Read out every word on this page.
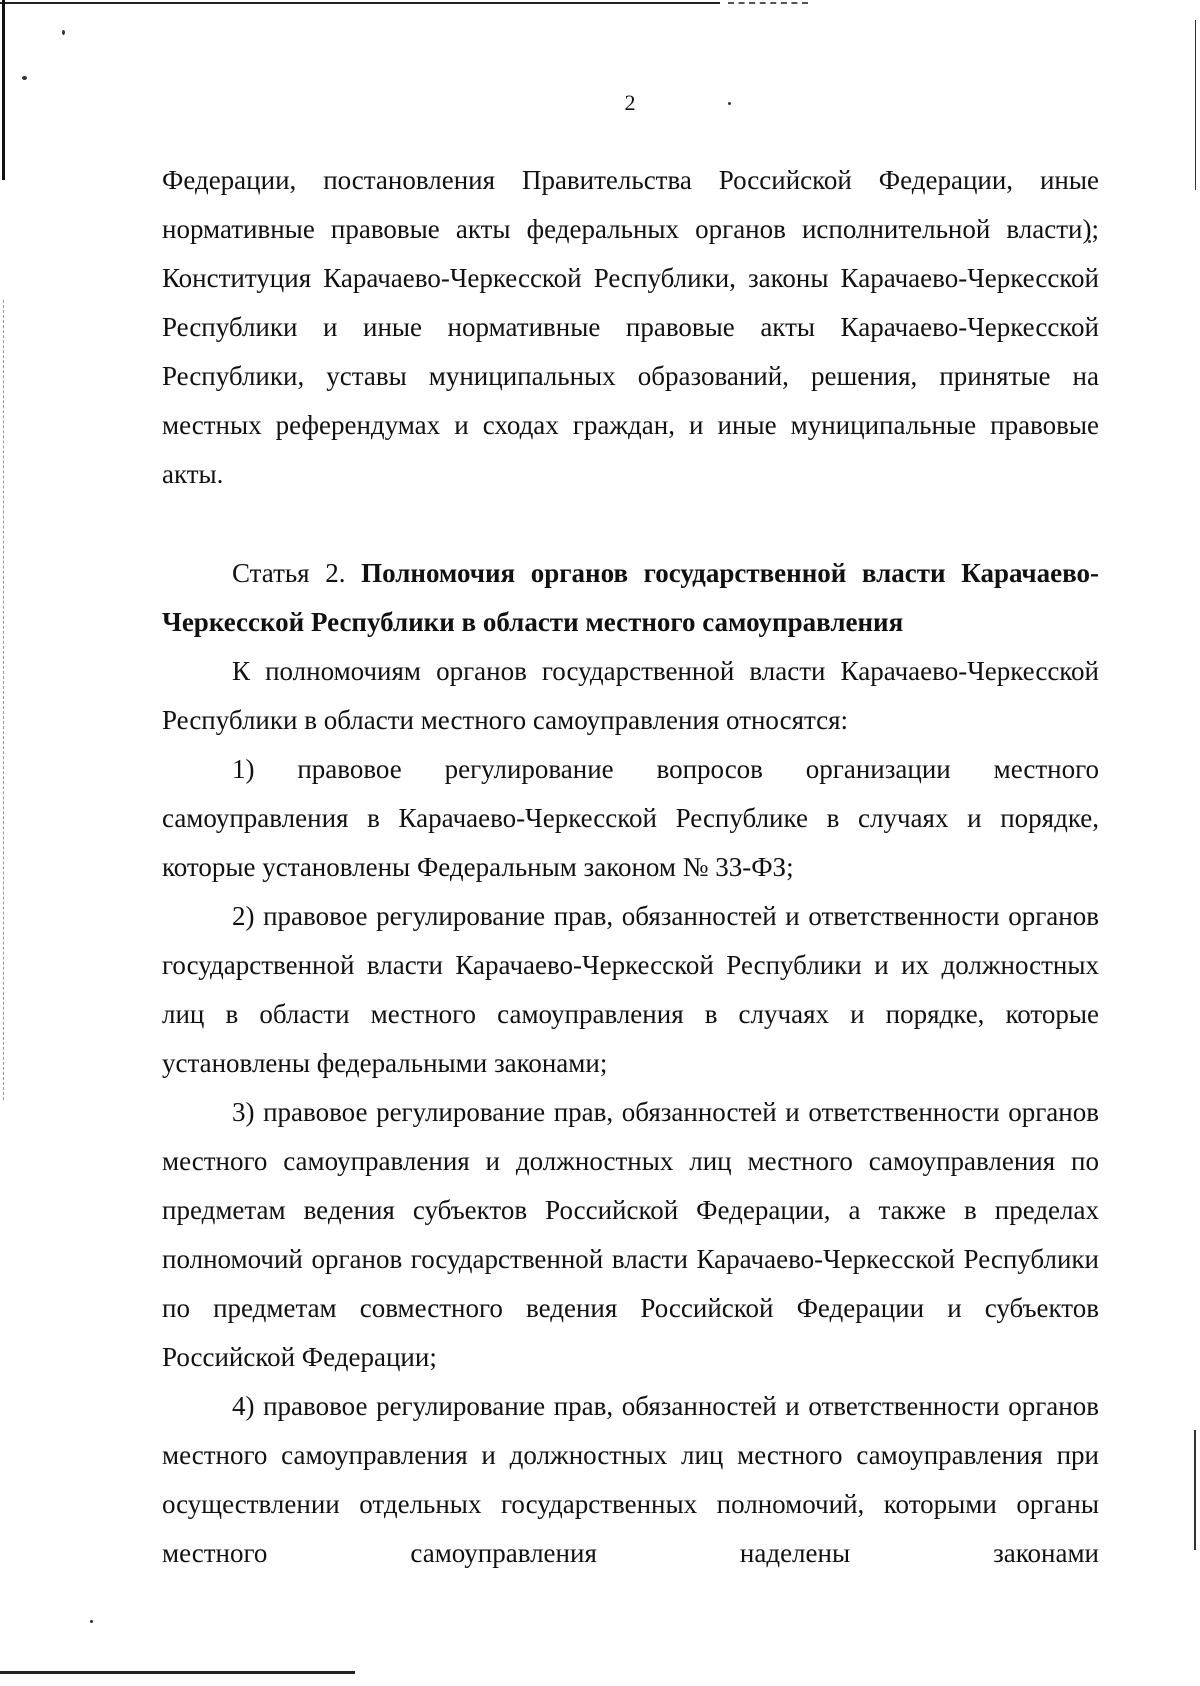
2

Федерации, постановления Правительства Российской Федерации, иные нормативные правовые акты федеральных органов исполнительной власти); Конституция Карачаево-Черкесской Республики, законы Карачаево-Черкесской Республики и иные нормативные правовые акты Карачаево-Черкесской Республики, уставы муниципальных образований, решения, принятые на местных референдумах и сходах граждан, и иные муниципальные правовые акты.

Статья 2. Полномочия органов государственной власти Карачаево-Черкесской Республики в области местного самоуправления

К полномочиям органов государственной власти Карачаево-Черкесской Республики в области местного самоуправления относятся:

1) правовое регулирование вопросов организации местного самоуправления в Карачаево-Черкесской Республике в случаях и порядке, которые установлены Федеральным законом № 33-ФЗ;

2) правовое регулирование прав, обязанностей и ответственности органов государственной власти Карачаево-Черкесской Республики и их должностных лиц в области местного самоуправления в случаях и порядке, которые установлены федеральными законами;

3) правовое регулирование прав, обязанностей и ответственности органов местного самоуправления и должностных лиц местного самоуправления по предметам ведения субъектов Российской Федерации, а также в пределах полномочий органов государственной власти Карачаево-Черкесской Республики по предметам совместного ведения Российской Федерации и субъектов Российской Федерации;

4) правовое регулирование прав, обязанностей и ответственности органов местного самоуправления и должностных лиц местного самоуправления при осуществлении отдельных государственных полномочий, которыми органы местного самоуправления наделены законами
